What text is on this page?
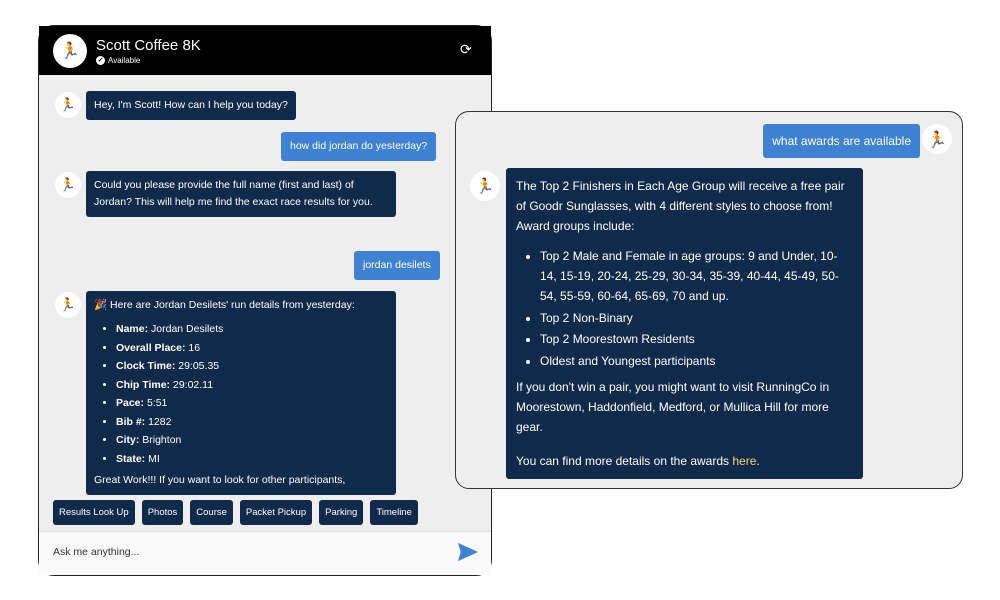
🏃	Scott Coffee 8K
✓ Available
⟳
🏃	Hey, I'm Scott! How can I help you today?
how did jordan do yesterday?
🏃	Could you please provide the full name (first and last) of Jordan? This will help me find the exact race results for you.
jordan desilets
🏃	🎉 Here are Jordan Desilets' run details from yesterday:
• Name: Jordan Desilets
• Overall Place: 16
• Clock Time: 29:05.35
• Chip Time: 29:02.11
• Pace: 5:51
• Bib #: 1282
• City: Brighton
• State: MI
Great Work!!! If you want to look for other participants,
Results Look Up	Photos	Course	Packet Pickup	Parking	Timeline
Ask me anything...
what awards are available	🏃
🏃	The Top 2 Finishers in Each Age Group will receive a free pair of Goodr Sunglasses, with 4 different styles to choose from! Award groups include:
• Top 2 Male and Female in age groups: 9 and Under, 10-14, 15-19, 20-24, 25-29, 30-34, 35-39, 40-44, 45-49, 50-54, 55-59, 60-64, 65-69, 70 and up.
• Top 2 Non-Binary
• Top 2 Moorestown Residents
• Oldest and Youngest participants

If you don't win a pair, you might want to visit RunningCo in Moorestown, Haddonfield, Medford, or Mullica Hill for more gear.

You can find more details on the awards here.
